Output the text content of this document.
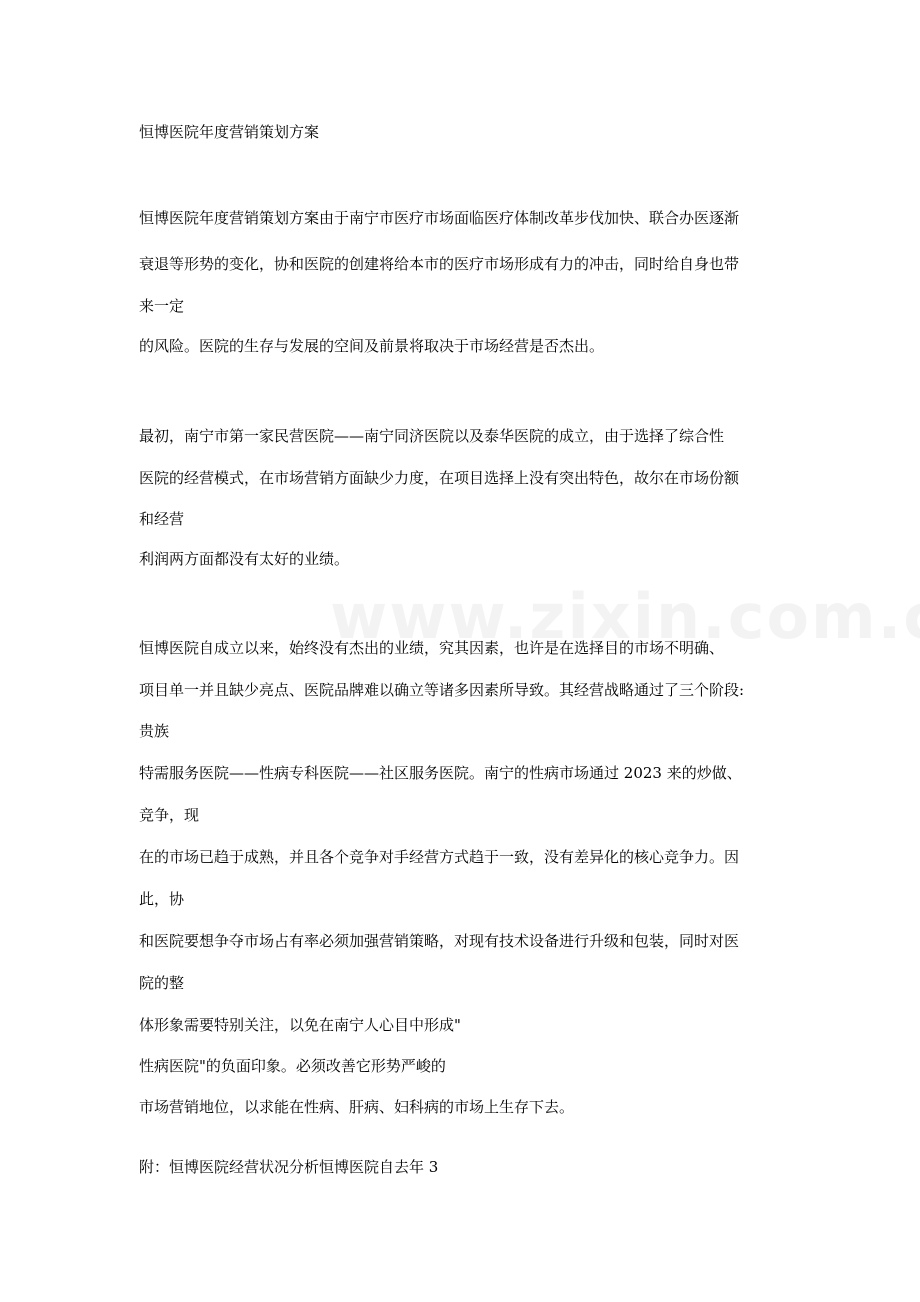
恒博医院年度营销策划方案
恒博医院年度营销策划方案由于南宁市医疗市场面临医疗体制改革步伐加快、联合办医逐渐
衰退等形势的变化，协和医院的创建将给本市的医疗市场形成有力的冲击，同时给自身也带
来一定
的风险。医院的生存与发展的空间及前景将取决于市场经营是否杰出。
最初，南宁市第一家民营医院——南宁同济医院以及泰华医院的成立，由于选择了综合性
医院的经营模式，在市场营销方面缺少力度，在项目选择上没有突出特色，故尔在市场份额
和经营
利润两方面都没有太好的业绩。
恒博医院自成立以来，始终没有杰出的业绩，究其因素，也许是在选择目的市场不明确、
项目单一并且缺少亮点、医院品牌难以确立等诸多因素所导致。其经营战略通过了三个阶段:
贵族
特需服务医院——性病专科医院——社区服务医院。南宁的性病市场通过 2023 来的炒做、
竞争，现
在的市场已趋于成熟，并且各个竞争对手经营方式趋于一致，没有差异化的核心竞争力。因
此，协
和医院要想争夺市场占有率必须加强营销策略，对现有技术设备进行升级和包装，同时对医
院的整
体形象需要特别关注，以免在南宁人心目中形成"
性病医院"的负面印象。必须改善它形势严峻的
市场营销地位，以求能在性病、肝病、妇科病的市场上生存下去。
附：恒博医院经营状况分析恒博医院自去年 3
